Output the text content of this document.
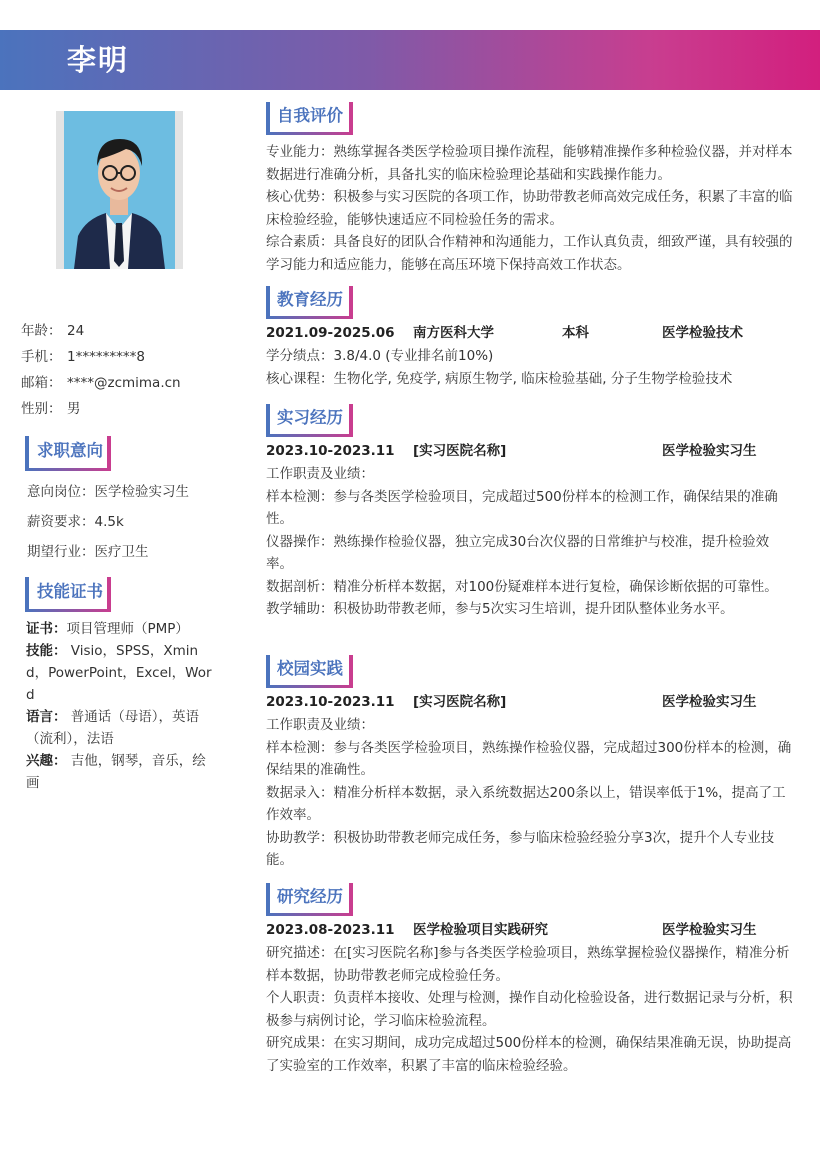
李明
年龄： 24
手机： 1*********8
邮箱： ****@zcmima.cn
性别： 男
求职意向
意向岗位：医学检验实习生
薪资要求：4.5k
期望行业：医疗卫生
技能证书
证书：项目管理师（PMP）
技能： Visio，SPSS，Xmind，PowerPoint，Excel，Word
语言： 普通话（母语），英语（流利），法语
兴趣： 吉他，钢琴，音乐，绘画
自我评价
专业能力：熟练掌握各类医学检验项目操作流程，能够精准操作多种检验仪器，并对样本数据进行准确分析，具备扎实的临床检验理论基础和实践操作能力。
核心优势：积极参与实习医院的各项工作，协助带教老师高效完成任务，积累了丰富的临床检验经验，能够快速适应不同检验任务的需求。
综合素质：具备良好的团队合作精神和沟通能力，工作认真负责，细致严谨，具有较强的学习能力和适应能力，能够在高压环境下保持高效工作状态。
教育经历
2021.09-2025.06 南方医科大学	本科	医学检验技术
学分绩点：3.8/4.0 (专业排名前10%)
核心课程：生物化学, 免疫学, 病原生物学, 临床检验基础, 分子生物学检验技术
实习经历
2023.10-2023.11 [实习医院名称]	医学检验实习生
工作职责及业绩：
样本检测：参与各类医学检验项目，完成超过500份样本的检测工作，确保结果的准确性。
仪器操作：熟练操作检验仪器，独立完成30台次仪器的日常维护与校准，提升检验效率。
数据剖析：精准分析样本数据，对100份疑难样本进行复检，确保诊断依据的可靠性。
教学辅助：积极协助带教老师，参与5次实习生培训，提升团队整体业务水平。
校园实践
2023.10-2023.11 [实习医院名称]	医学检验实习生
工作职责及业绩：
样本检测：参与各类医学检验项目，熟练操作检验仪器，完成超过300份样本的检测，确保结果的准确性。
数据录入：精准分析样本数据，录入系统数据达200条以上，错误率低于1%，提高了工作效率。
协助教学：积极协助带教老师完成任务，参与临床检验经验分享3次，提升个人专业技能。
研究经历
2023.08-2023.11 医学检验项目实践研究	医学检验实习生
研究描述：在[实习医院名称]参与各类医学检验项目，熟练掌握检验仪器操作，精准分析样本数据，协助带教老师完成检验任务。
个人职责：负责样本接收、处理与检测，操作自动化检验设备，进行数据记录与分析，积极参与病例讨论，学习临床检验流程。
研究成果：在实习期间，成功完成超过500份样本的检测，确保结果准确无误，协助提高了实验室的工作效率，积累了丰富的临床检验经验。
